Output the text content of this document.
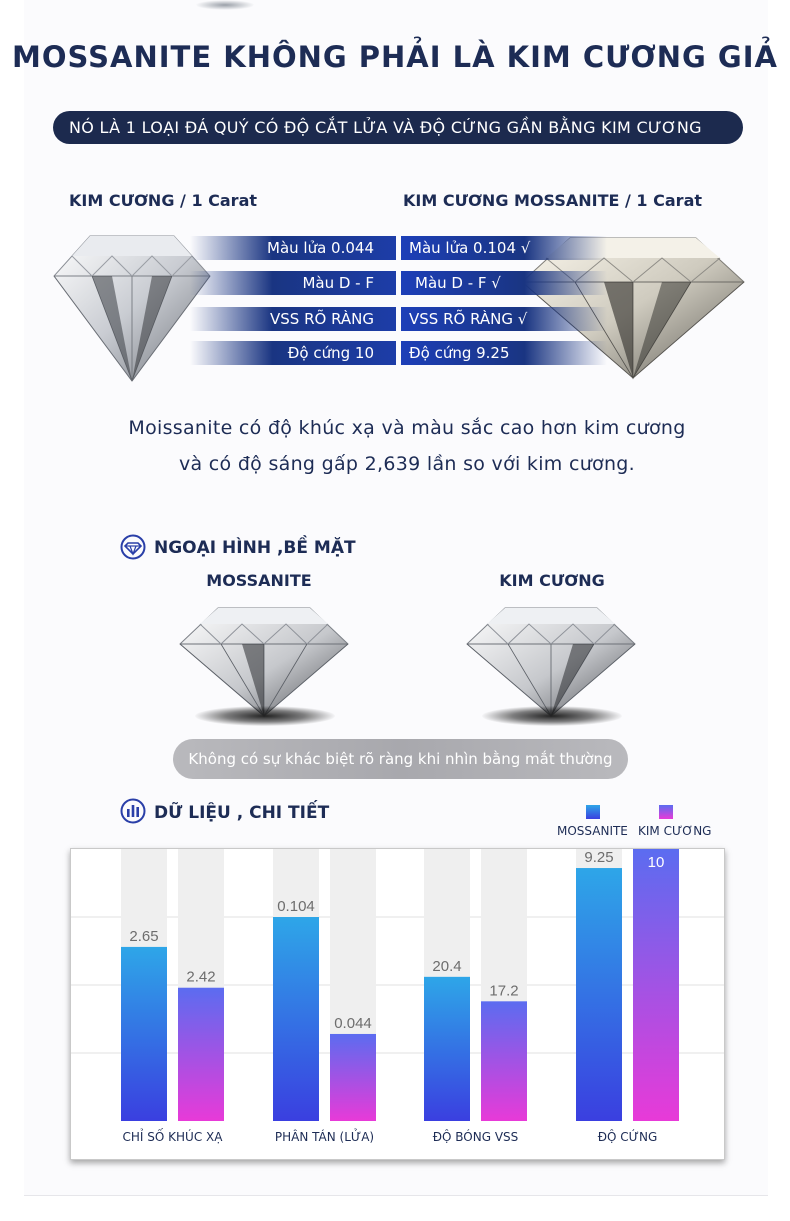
MOSSANITE KHÔNG PHẢI LÀ KIM CƯƠNG GIẢ
NÓ LÀ 1 LOẠI ĐÁ QUÝ CÓ ĐỘ CẮT LỬA VÀ ĐỘ CỨNG GẦN BẰNG KIM CƯƠNG
KIM CƯƠNG / 1 Carat	KIM CƯƠNG MOSSANITE / 1 Carat
Màu lửa 0.044
Màu D - F
VSS RÕ RÀNG
Độ cứng 10
Màu lửa 0.104 √
Màu D - F √
VSS RÕ RÀNG √
Độ cứng 9.25
Moissanite có độ khúc xạ và màu sắc cao hơn kim cương
và có độ sáng gấp 2,639 lần so với kim cương.
NGOẠI HÌNH ,BỀ MẶT
MOSSANITE	KIM CƯƠNG
Không có sự khác biệt rõ ràng khi nhìn bằng mắt thường
DỮ LIỆU , CHI TIẾT
MOSSANITE KIM CƯƠNG
2.65
2.42
CHỈ SỐ KHÚC XẠ
0.104
0.044
PHÂN TÁN (LỬA)
20.4
17.2
ĐỘ BÓNG VSS
9.25 10
ĐỘ CỨNG
